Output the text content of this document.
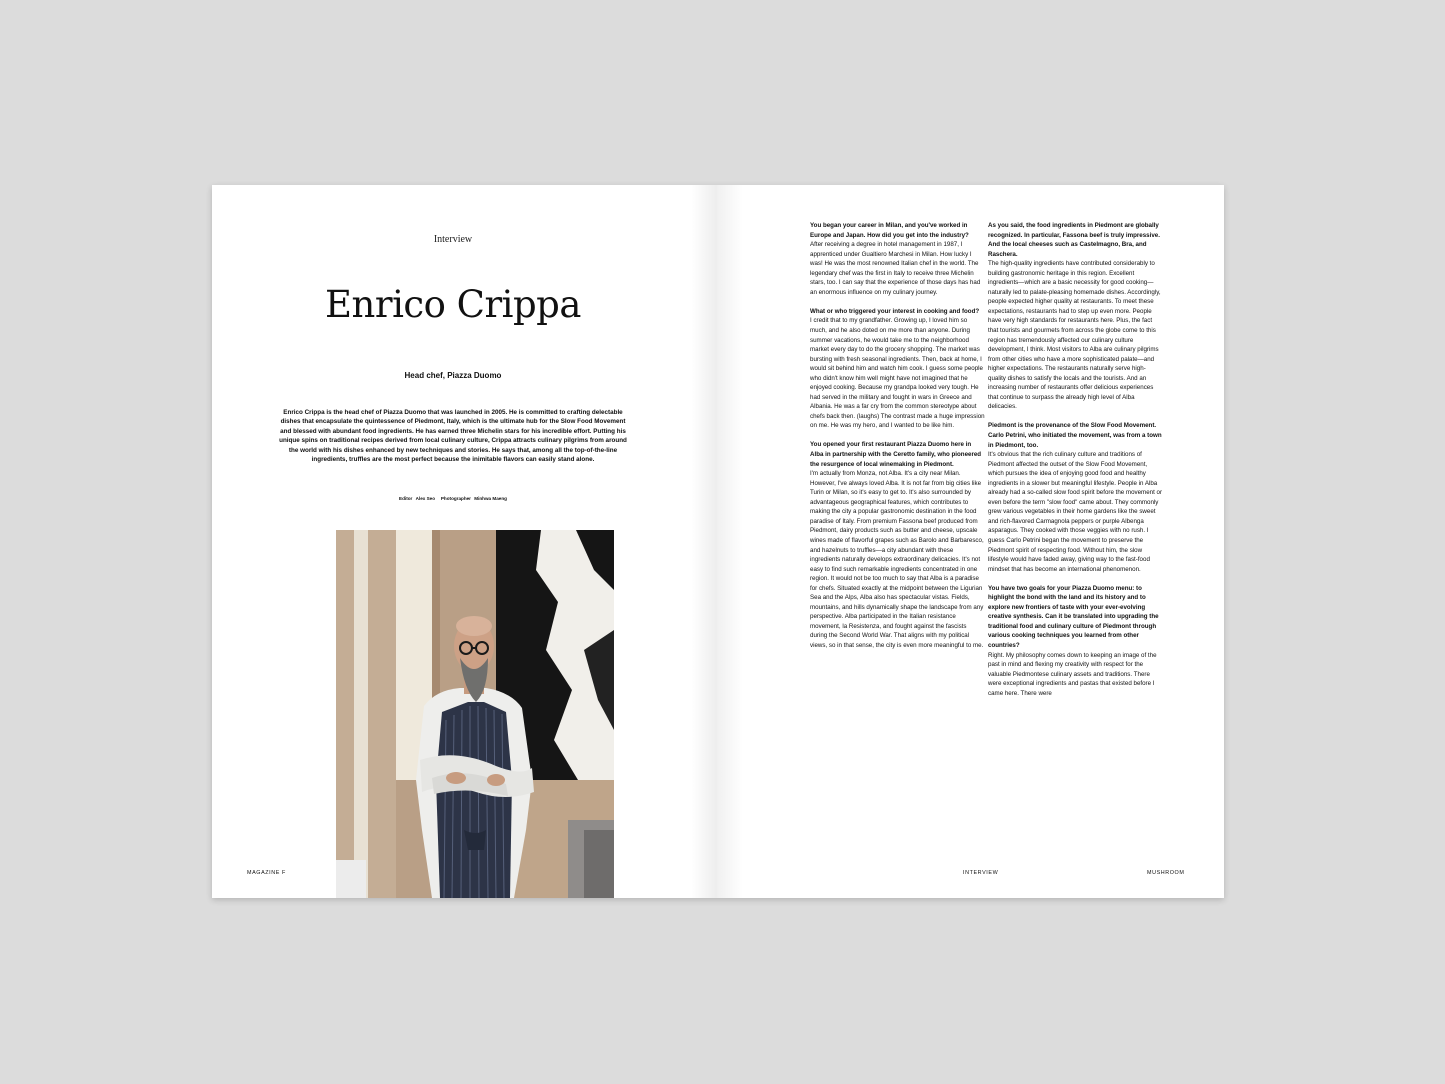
Interview
Enrico Crippa
Head chef, Piazza Duomo

Enrico Crippa is the head chef of Piazza Duomo that was launched in 2005. He is committed to crafting delectable dishes that encapsulate the quintessence of Piedmont, Italy, which is the ultimate hub for the Slow Food Movement and blessed with abundant food ingredients. He has earned three Michelin stars for his incredible effort. Putting his unique spins on traditional recipes derived from local culinary culture, Crippa attracts culinary pilgrims from around the world with his dishes enhanced by new techniques and stories. He says that, among all the top-of-the-line ingredients, truffles are the most perfect because the inimitable flavors can easily stand alone.

Editor Alex Seo Photographer Minhwa Maeng
MAGAZINE F
You began your career in Milan, and you've worked in Europe and Japan. How did you get into the industry?
After receiving a degree in hotel management in 1987, I apprenticed under Gualtiero Marchesi in Milan. How lucky I was! He was the most renowned Italian chef in the world. The legendary chef was the first in Italy to receive three Michelin stars, too. I can say that the experience of those days has had an enormous influence on my culinary journey.
What or who triggered your interest in cooking and food?
I credit that to my grandfather. Growing up, I loved him so much, and he also doted on me more than anyone. During summer vacations, he would take me to the neighborhood market every day to do the grocery shopping. The market was bursting with fresh seasonal ingredients. Then, back at home, I would sit behind him and watch him cook. I guess some people who didn't know him well might have not imagined that he enjoyed cooking. Because my grandpa looked very tough. He had served in the military and fought in wars in Greece and Albania. He was a far cry from the common stereotype about chefs back then. (laughs) The contrast made a huge impression on me. He was my hero, and I wanted to be like him.
You opened your first restaurant Piazza Duomo here in Alba in partnership with the Ceretto family, who pioneered the resurgence of local winemaking in Piedmont.
I'm actually from Monza, not Alba. It's a city near Milan. However, I've always loved Alba. It is not far from big cities like Turin or Milan, so it's easy to get to. It's also surrounded by advantageous geographical features, which contributes to making the city a popular gastronomic destination in the food paradise of Italy. From premium Fassona beef produced from Piedmont, dairy products such as butter and cheese, upscale wines made of flavorful grapes such as Barolo and Barbaresco, and hazelnuts to truffles—a city abundant with these ingredients naturally develops extraordinary delicacies. It's not easy to find such remarkable ingredients concentrated in one region. It would not be too much to say that Alba is a paradise for chefs. Situated exactly at the midpoint between the Ligurian Sea and the Alps, Alba also has spectacular vistas. Fields, mountains, and hills dynamically shape the landscape from any perspective. Alba participated in the Italian resistance movement, la Resistenza, and fought against the fascists during the Second World War. That aligns with my political views, so in that sense, the city is even more meaningful to me.
As you said, the food ingredients in Piedmont are globally recognized. In particular, Fassona beef is truly impressive. And the local cheeses such as Castelmagno, Bra, and Raschera.
The high-quality ingredients have contributed considerably to building gastronomic heritage in this region. Excellent ingredients—which are a basic necessity for good cooking—naturally led to palate-pleasing homemade dishes. Accordingly, people expected higher quality at restaurants. To meet these expectations, restaurants had to step up even more. People have very high standards for restaurants here. Plus, the fact that tourists and gourmets from across the globe come to this region has tremendously affected our culinary culture development, I think. Most visitors to Alba are culinary pilgrims from other cities who have a more sophisticated palate—and higher expectations. The restaurants naturally serve high-quality dishes to satisfy the locals and the tourists. And an increasing number of restaurants offer delicious experiences that continue to surpass the already high level of Alba delicacies.
Piedmont is the provenance of the Slow Food Movement. Carlo Petrini, who initiated the movement, was from a town in Piedmont, too.
It's obvious that the rich culinary culture and traditions of Piedmont affected the outset of the Slow Food Movement, which pursues the idea of enjoying good food and healthy ingredients in a slower but meaningful lifestyle. People in Alba already had a so-called slow food spirit before the movement or even before the term "slow food" came about. They commonly grew various vegetables in their home gardens like the sweet and rich-flavored Carmagnola peppers or purple Albenga asparagus. They cooked with those veggies with no rush. I guess Carlo Petrini began the movement to preserve the Piedmont spirit of respecting food. Without him, the slow lifestyle would have faded away, giving way to the fast-food mindset that has become an international phenomenon.
You have two goals for your Piazza Duomo menu: to highlight the bond with the land and its history and to explore new frontiers of taste with your ever-evolving creative synthesis. Can it be translated into upgrading the traditional food and culinary culture of Piedmont through various cooking techniques you learned from other countries?
Right. My philosophy comes down to keeping an image of the past in mind and flexing my creativity with respect for the valuable Piedmontese culinary assets and traditions. There were exceptional ingredients and pastas that existed before I came here. There were
INTERVIEW	MUSHROOM
